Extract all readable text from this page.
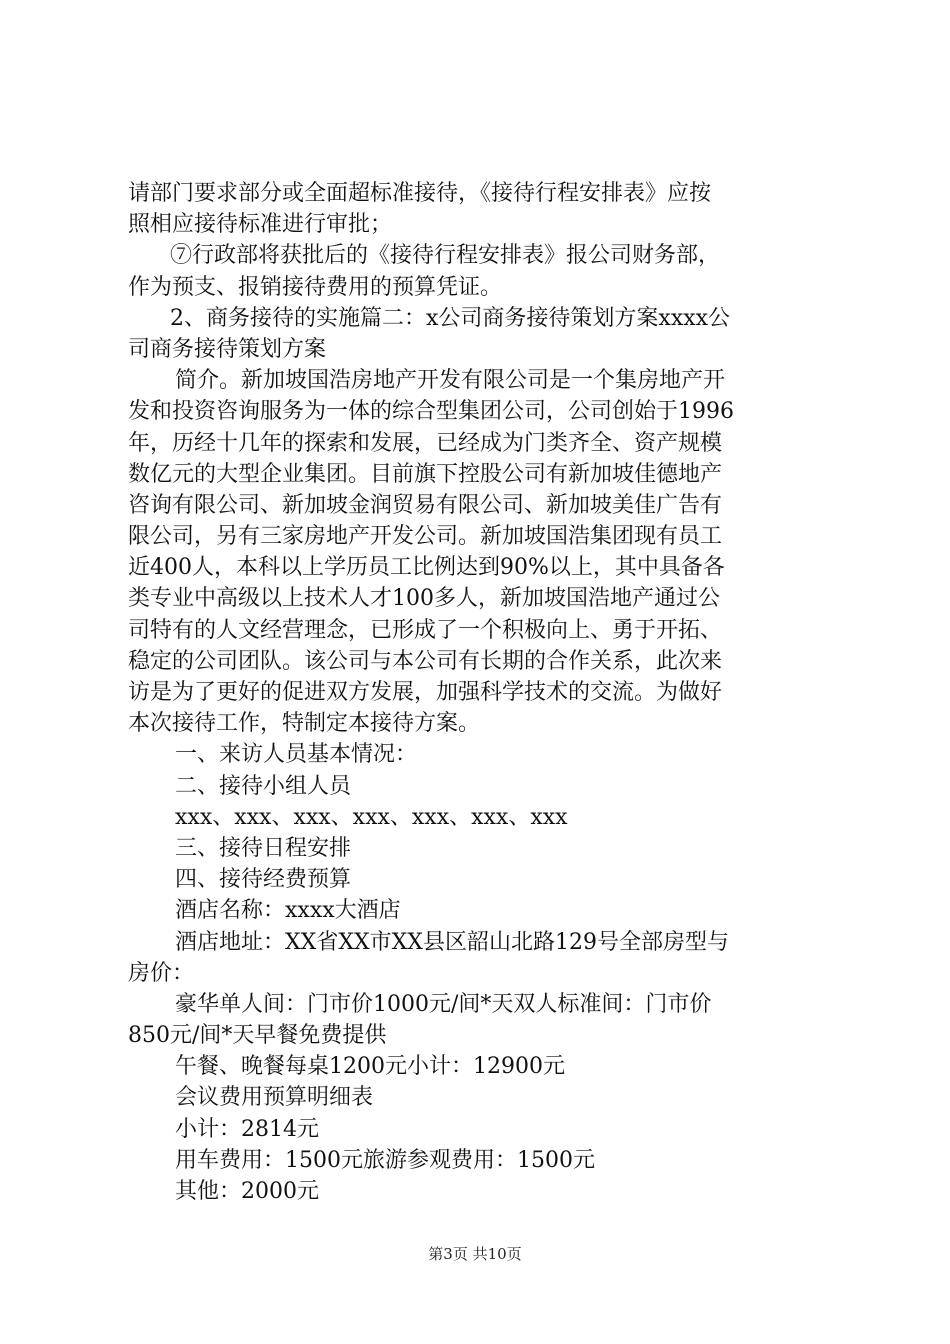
请部门要求部分或全面超标准接待，《接待行程安排表》应按
照相应接待标准进行审批；
⑦行政部将获批后的《接待行程安排表》报公司财务部，
作为预支、报销接待费用的预算凭证。
2、商务接待的实施篇二：x公司商务接待策划方案xxxx公
司商务接待策划方案
简介。新加坡国浩房地产开发有限公司是一个集房地产开
发和投资咨询服务为一体的综合型集团公司，公司创始于1996
年，历经十几年的探索和发展，已经成为门类齐全、资产规模
数亿元的大型企业集团。目前旗下控股公司有新加坡佳德地产
咨询有限公司、新加坡金润贸易有限公司、新加坡美佳广告有
限公司，另有三家房地产开发公司。新加坡国浩集团现有员工
近400人，本科以上学历员工比例达到90%以上，其中具备各
类专业中高级以上技术人才100多人，新加坡国浩地产通过公
司特有的人文经营理念，已形成了一个积极向上、勇于开拓、
稳定的公司团队。该公司与本公司有长期的合作关系，此次来
访是为了更好的促进双方发展，加强科学技术的交流。为做好
本次接待工作，特制定本接待方案。
一、来访人员基本情况：
二、接待小组人员
xxx、xxx、xxx、xxx、xxx、xxx、xxx
三、接待日程安排
四、接待经费预算
酒店名称：xxxx大酒店
酒店地址：XX省XX市XX县区韶山北路129号全部房型与
房价：
豪华单人间：门市价1000元/间*天双人标准间：门市价
850元/间*天早餐免费提供
午餐、晚餐每桌1200元小计：12900元
会议费用预算明细表
小计：2814元
用车费用：1500元旅游参观费用：1500元
其他：2000元
第3页 共10页
